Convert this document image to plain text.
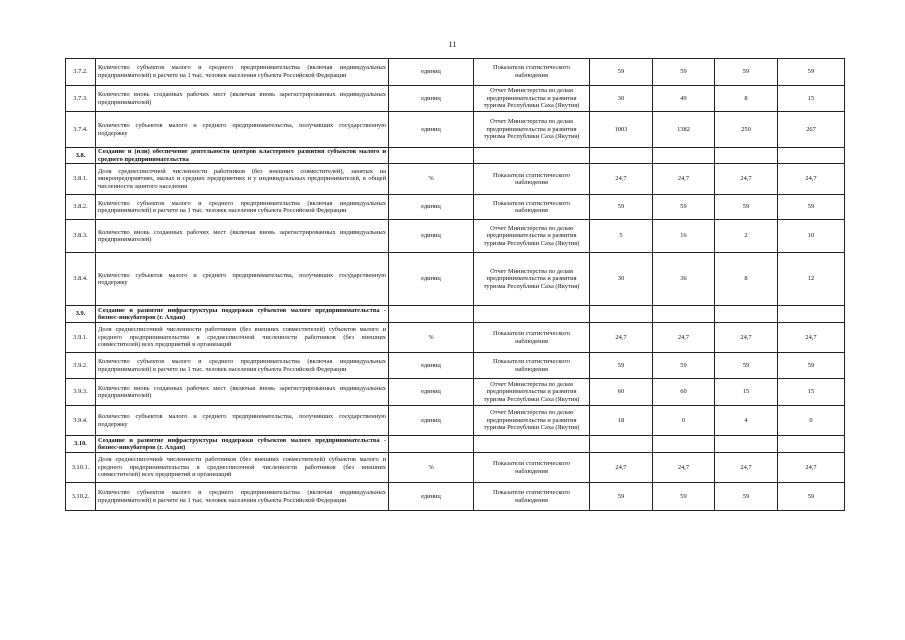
11
3.7.2.	Количество субъектов малого и среднего предпринимательства (включая индивидуальных предпринимателей) в расчете на 1 тыс. человек населения субъекта Российской Федерации	единиц	Показатели статистического наблюдения	59	59	59	59
3.7.3.	Количество вновь созданных рабочих мест (включая вновь зарегистрированных индивидуальных предпринимателей)	единиц	Отчет Министерства по делам предпринимательства и развития туризма Республики Саха (Якутия)	30	49	8	15
3.7.4.	Количество субъектов малого и среднего предпринимательства, получивших государственную поддержку	единиц	Отчет Министерства по делам предпринимательства и развития туризма Республики Саха (Якутия)	1003	1382	250	267
3.8.	Создание и (или) обеспечение деятельности центров кластерного развития субъектов малого и среднего предпринимательства						
3.8.1.	Доля среднесписочной численности работников (без внешних совместителей), занятых на микропредприятиях, малых и средних предприятиях и у индивидуальных предпринимателей, в общей численности занятого населения	%	Показатели статистического наблюдения	24,7	24,7	24,7	24,7
3.8.2.	Количество субъектов малого и среднего предпринимательства (включая индивидуальных предпринимателей) в расчете на 1 тыс. человек населения субъекта Российской Федерации	единиц	Показатели статистического наблюдения	59	59	59	59
3.8.3.	Количество вновь созданных рабочих мест (включая вновь зарегистрированных индивидуальных предпринимателей)	единиц	Отчет Министерства по делам предпринимательства и развития туризма Республики Саха (Якутия)	5	16	2	10
3.8.4.	Количество субъектов малого и среднего предпринимательства, получивших государственную поддержку	единиц	Отчет Министерства по делам предпринимательства и развития туризма Республики Саха (Якутия)	30	36	8	12
3.9.	Создание и развитие инфраструктуры поддержки субъектов малого предпринимательства - бизнес-инкубаторов (г. Алдан)						
3.9.1.	Доля среднесписочной численности работников (без внешних совместителей) субъектов малого и среднего предпринимательства в среднесписочной численности работников (без внешних совместителей) всех предприятий и организаций	%	Показатели статистического наблюдения	24,7	24,7	24,7	24,7
3.9.2.	Количество субъектов малого и среднего предпринимательства (включая индивидуальных предпринимателей) в расчете на 1 тыс. человек населения субъекта Российской Федерации	единиц	Показатели статистического наблюдения	59	59	59	59
3.9.3.	Количество вновь созданных рабочих мест (включая вновь зарегистрированных индивидуальных предпринимателей)	единиц	Отчет Министерства по делам предпринимательства и развития туризма Республики Саха (Якутия)	60	60	15	15
3.9.4.	Количество субъектов малого и среднего предпринимательства, получивших государственную поддержку	единиц	Отчет Министерства по делам предпринимательства и развития туризма Республики Саха (Якутия)	18	0	4	0
3.10.	Создание и развитие инфраструктуры поддержки субъектов малого предпринимательства - бизнес-инкубаторов (г. Алдан)						
3.10.1.	Доля среднесписочной численности работников (без внешних совместителей) субъектов малого и среднего предпринимательства в среднесписочной численности работников (без внешних совместителей) всех предприятий и организаций	%	Показатели статистического наблюдения	24,7	24,7	24,7	24,7
3.10.2.	Количество субъектов малого и среднего предпринимательства (включая индивидуальных предпринимателей) в расчете на 1 тыс. человек населения субъекта Российской Федерации	единиц	Показатели статистического наблюдения	59	59	59	59
